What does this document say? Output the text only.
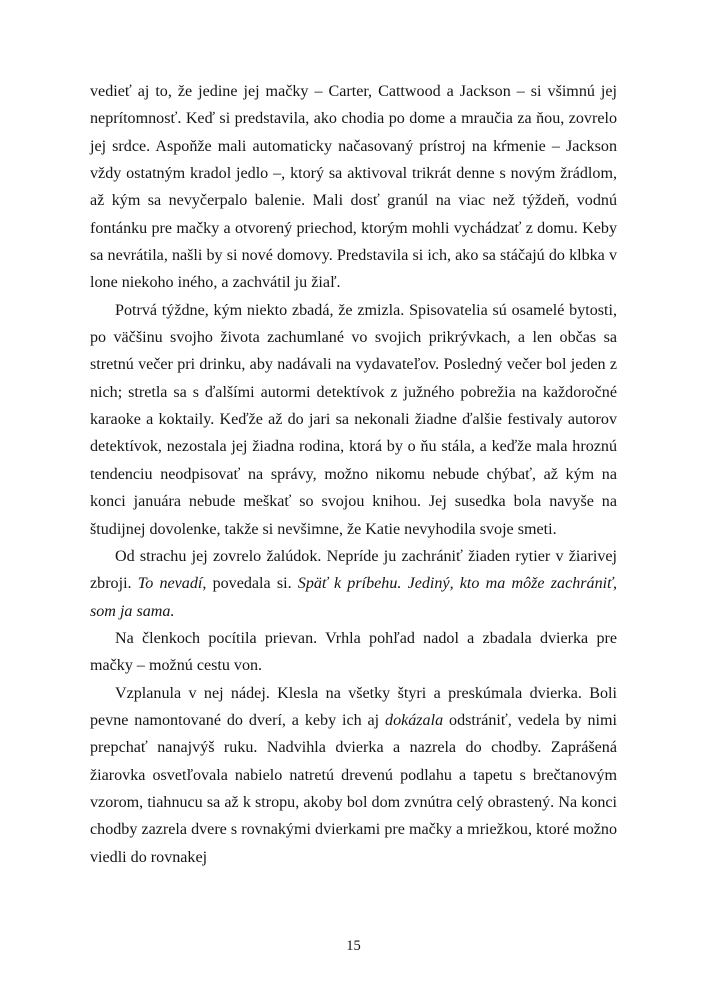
vedieť aj to, že jedine jej mačky – Carter, Cattwood a Jackson – si všimnú jej neprítomnosť. Keď si predstavila, ako chodia po dome a mraučia za ňou, zovrelo jej srdce. Aspoňže mali automaticky načasovaný prístroj na kŕmenie – Jackson vždy ostatným kradol jedlo –, ktorý sa aktivoval trikrát denne s novým žrádlom, až kým sa nevyčerpalo balenie. Mali dosť granúl na viac než týždeň, vodnú fontánku pre mačky a otvorený priechod, ktorým mohli vychádzať z domu. Keby sa nevrátila, našli by si nové domovy. Predstavila si ich, ako sa stáčajú do klbka v lone niekoho iného, a zachvátil ju žiaľ.

Potrvá týždne, kým niekto zbadá, že zmizla. Spisovatelia sú osamelé bytosti, po väčšinu svojho života zachumlané vo svojich prikrývkach, a len občas sa stretnú večer pri drinku, aby nadávali na vydavateľov. Posledný večer bol jeden z nich; stretla sa s ďalšími autormi detektívok z južného pobrežia na každoročné karaoke a koktaily. Keďže až do jari sa nekonali žiadne ďalšie festivaly autorov detektívok, nezostala jej žiadna rodina, ktorá by o ňu stála, a keďže mala hroznú tendenciu neodpisovať na správy, možno nikomu nebude chýbať, až kým na konci januára nebude meškať so svojou knihou. Jej susedka bola navyše na študijnej dovolenke, takže si nevšimne, že Katie nevyhodila svoje smeti.

Od strachu jej zovrelo žalúdok. Nepríde ju zachrániť žiaden rytier v žiarivej zbroji. To nevadí, povedala si. Späť k príbehu. Jediný, kto ma môže zachrániť, som ja sama.

Na členkoch pocítila prievan. Vrhla pohľad nadol a zbadala dvierka pre mačky – možnú cestu von.

Vzplanula v nej nádej. Klesla na všetky štyri a preskúmala dvierka. Boli pevne namontované do dverí, a keby ich aj dokázala odstrániť, vedela by nimi prepchať nanajvýš ruku. Nadvihla dvierka a nazrela do chodby. Zaprášená žiarovka osvetľovala nabielo natretú drevenú podlahu a tapetu s brečtanovým vzorom, tiahnucu sa až k stropu, akoby bol dom zvnútra celý obrastený. Na konci chodby zazrela dvere s rovnakými dvierkami pre mačky a mriežkou, ktoré možno viedli do rovnakej

15
